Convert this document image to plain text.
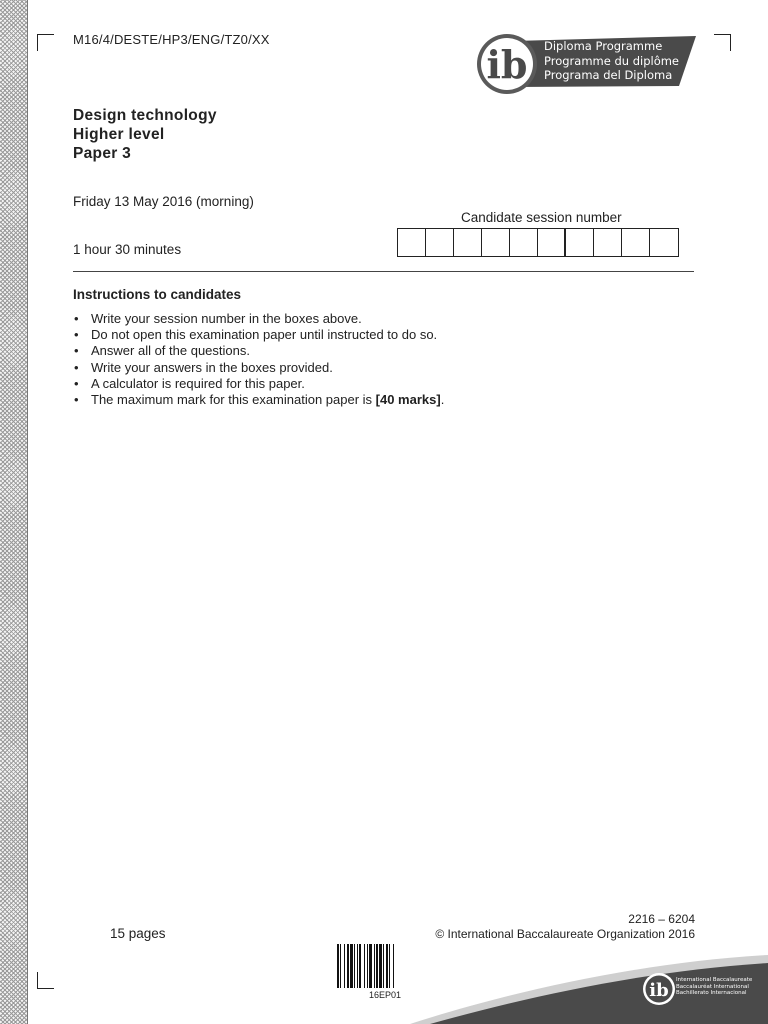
M16/4/DESTE/HP3/ENG/TZ0/XX
ib Diploma Programme
Programme du diplôme
Programa del Diploma
Design technology
Higher level
Paper 3
Friday 13 May 2016 (morning)
1 hour 30 minutes
Candidate session number
Instructions to candidates
• Write your session number in the boxes above.
• Do not open this examination paper until instructed to do so.
• Answer all of the questions.
• Write your answers in the boxes provided.
• A calculator is required for this paper.
• The maximum mark for this examination paper is [40 marks].
15 pages
2216 – 6204
© International Baccalaureate Organization 2016
16EP01	ib International Baccalaureate
Baccalauréat International
Bachillerato Internacional
